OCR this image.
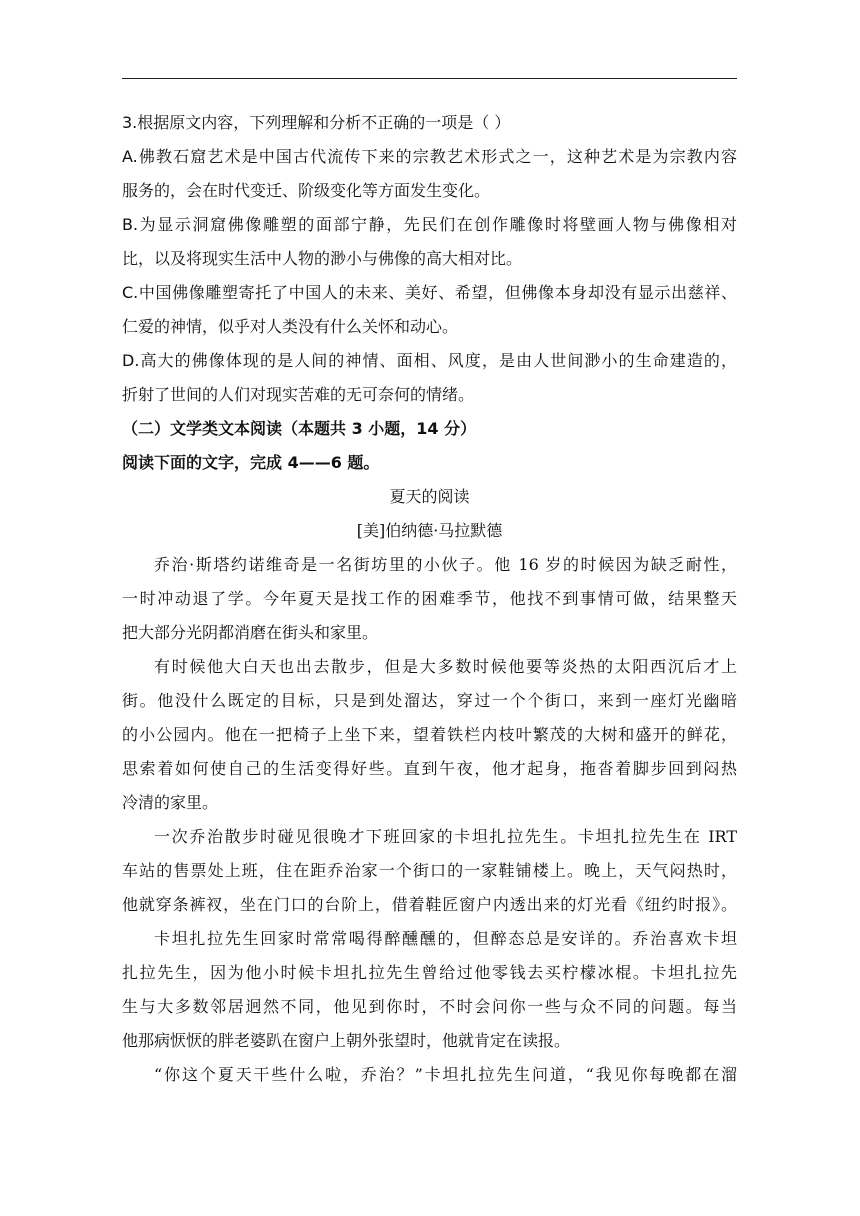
3.根据原文内容，下列理解和分析不正确的一项是（ ）

A.佛教石窟艺术是中国古代流传下来的宗教艺术形式之一，这种艺术是为宗教内容

服务的，会在时代变迁、阶级变化等方面发生变化。

B.为显示洞窟佛像雕塑的面部宁静，先民们在创作雕像时将壁画人物与佛像相对

比，以及将现实生活中人物的渺小与佛像的高大相对比。

C.中国佛像雕塑寄托了中国人的未来、美好、希望，但佛像本身却没有显示出慈祥、

仁爱的神情，似乎对人类没有什么关怀和动心。

D.高大的佛像体现的是人间的神情、面相、风度，是由人世间渺小的生命建造的，

折射了世间的人们对现实苦难的无可奈何的情绪。

（二）文学类文本阅读（本题共 3 小题，14 分）

阅读下面的文字，完成 4——6 题。

夏天的阅读

[美]伯纳德·马拉默德

乔治·斯塔约诺维奇是一名街坊里的小伙子。他 16 岁的时候因为缺乏耐性，

一时冲动退了学。今年夏天是找工作的困难季节，他找不到事情可做，结果整天

把大部分光阴都消磨在街头和家里。

有时候他大白天也出去散步，但是大多数时候他要等炎热的太阳西沉后才上

街。他没什么既定的目标，只是到处溜达，穿过一个个街口，来到一座灯光幽暗

的小公园内。他在一把椅子上坐下来，望着铁栏内枝叶繁茂的大树和盛开的鲜花，

思索着如何使自己的生活变得好些。直到午夜，他才起身，拖沓着脚步回到闷热

冷清的家里。

一次乔治散步时碰见很晚才下班回家的卡坦扎拉先生。卡坦扎拉先生在 IRT

车站的售票处上班，住在距乔治家一个街口的一家鞋铺楼上。晚上，天气闷热时，

他就穿条裤衩，坐在门口的台阶上，借着鞋匠窗户内透出来的灯光看《纽约时报》。

卡坦扎拉先生回家时常常喝得醉醺醺的，但醉态总是安详的。乔治喜欢卡坦

扎拉先生，因为他小时候卡坦扎拉先生曾给过他零钱去买柠檬冰棍。卡坦扎拉先

生与大多数邻居迥然不同，他见到你时，不时会问你一些与众不同的问题。每当

他那病恹恹的胖老婆趴在窗户上朝外张望时，他就肯定在读报。

“你这个夏天干些什么啦，乔治？”卡坦扎拉先生问道，“我见你每晚都在溜
